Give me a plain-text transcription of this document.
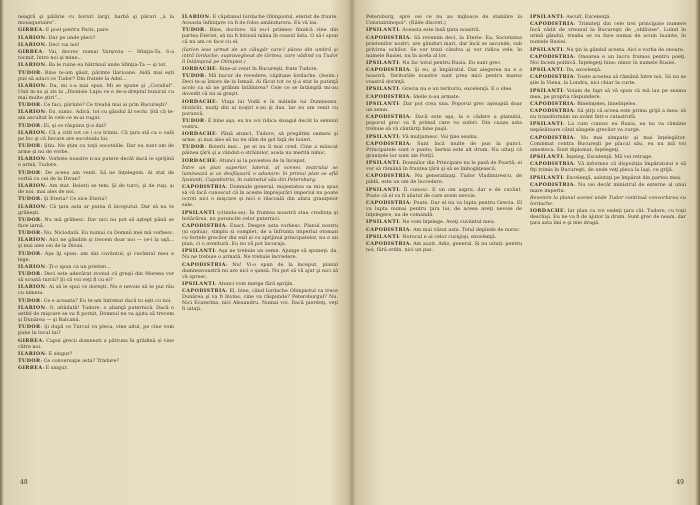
neagră şi pălărie cu boruri largi, barbă şi păruri „à la mousquetaire”.

GIRBEA: E post pentru Paris, pare.

ILARION: Dar pe unde pleci?

ILARION: Deci vai noi!

GIRBEA: Vai, decrec numai Varşovia — Sfinţia-Ta. S-a tocmit, între noi şi mine...

ILARION: Ba le ruine ea bătrânul unde Sfinţia-Ta — şi tot.

TUDOR: Bine te-am găsit, părinte Ilarioane. Aidă mai eşti pus să aduci ce Tudor? Din fratele la Adel...

ILARION: Da, mi s-a mai spus. Mi se spune şi „Coraliul". Unii m-au şi zis la „Dionisie Lupu ce e de-a-dreptul bunicul cu mai multe ştiri”...

TUDOR: Ce faci, părinte? Ce treabă mai ai prin Bucureşti?

ILARION: Eu, nimic. Adică, tot cu gândul ăl vechi. Ştii că te-am ascultat în cele ce m-ai rugat.

TUDOR: Ei, şi ce răspuns ţi-a dat?

ILARION: Că a citit tot ce i s-a trimis. Că ţara stă ca o oală pe foc şi că fiecare are socoteala lui.

TUDOR: Ştiu. Ne ştim cu toţii socotelile. Dar eu sunt om de arme şi nu de vorbe.

ILARION: Vorbele noastre n-au putere decât dacă le sprijină o armă, Tudore.

TUDOR: De aceea am venit. Să ne înţelegem. Ai stat de vorbă cu cei de la Divan?

ILARION: Am stat. Boierii se tem. Şi de turci, şi de ruşi, şi de noi, mai ales de noi.

TUDOR: Şi Eteria? Ce zice Eteria?

ILARION: Că ţara asta ar putea fi începutul. Dar să nu te grăbeşti.

TUDOR: Nu mă grăbesc. Dar nici nu pot să aştept până se face iarnă.

TUDOR: Nu. Niciodată. Eu numai cu Domnii mei mă vorbesc.

ILARION: Aici ne gândim și trecem doar noi — ce-i la uşă... şi mai ales cei de la Divan.

TUDOR: Aşa îţi spun: am dat cuvântul; şi cuvântul meu e lege.

ILARION: Ţi-o spun ca un prieten...

TUDOR: Deci este adevărat zvonul că greşii din Moreea vor să scoată turcii? Şi că voi veţi fi cu ei?

ILARION: Ai să le spui ce doreşti. Nu e nevoie să te pui rău cu nimeni.

TUDOR: Ce e aceasta? Eu te-am întrebat dacă tu eşti cu noi.

ILARION: O, altădată! Tudore, o alianţă puternică. Dacă o astfel de mişcare se va fi pornit, Domnul ne va ajuta să trecem şi Dunărea — şi Balcanii.

TUDOR: Şi după ce Turcul va pleca, vine altul, pe cine vom pune în locul lui?

GIRBEA: Capul grecii domnești a pătruns în grădină și vine către noi.

ILARION: E singur?

TUDOR: Ce conversaţie asta? Trădare?

GIRBEA: E singur.

ILARION: E căpitanul Iordache Olimpiotul, eterist de frunte. Aceasta înfiinţare va fi de folos amândurora. Eu vă las.

TUDOR: Bine, doctore. Să nu-l primesc fiindcă vine din partea Eteriei, să nu fi întinsă mâna în ceasul ăsta. O să-i spun că nu am ce face cu el.

(Iarion iese urmat de un călugăr care-l păzea din umbră şi intră Iordache, supravegheat de Girbea, care vădind cu Tudor îl întâmpină pe Olimpiot.)

IORDACHE: Bine-ai venit în Bucureşti, frate Tudore.

TUDOR: Mă bucur de revedere, căpitane Iordache. (Iesim.) Deci te-ai întors de la Ismail. Ai făcut tot ce ţi-a stat în putinţă acolo ca să ne grăbim întâlnirea? Cele ce se întâmplă mi-au dovedit că nu ai greşit.

IORDACHE: Vlaţa lui Vodă e în mâinile lui Dumnezeu. Hotărât, mulţi din ai noştri s-au şi dus. Iar eu am venit cu poruncă.

TUDOR: E bine aşa, eu nu voi ridica steagul decât la semnul vostru.

IORDACHE: Până atunci, Tudore, să pregătim oameni şi arme, şi mai ales să nu ne dăm de gol faţă de boieri.

TUDOR: Boierii mei... pe ei nu îi mai cred. Cine a mâncat pâinea ţării şi a vândut-o străinilor, acela nu merită nimic.

IORDACHE: Atunci ai la povestea de la început.

Între un plan superior, lateral, al scenei, teatrului se luminează și se desfășoară o adunare: în primul plan se află Ipsilanti, Capodistria, în cabinetul său din Petersburg.

CAPODISTRIA: Domnule general, majestatea sa mi-a spus să vă facă cunoscut că în aceste împrejurări imperiul nu poate ocroti nici o mişcare şi nici o răscoală din afara graniţelor sale.

IPSILANTI (citindu-se): În fruntea noastră stau credinţa şi hotărârea, nu poruncile celor puternici.

CAPODISTRIA: Exact. Despre asta vorbesc. Planul nostru (și opinia), simplu și complet, de a înfrunta imperiul otoman cu forțele grecilor din exil și cu sprijinul principatelor, nu e un plan, ci o aventură. Eu nu vă pot încuraja.

IPSILANTI: Aşa ne trebuie un semn. Ajunge să spuneţi: da. Nu ne trebuie o armată. Ne trebuie încredere.

CAPODISTRIA: Nu! Vi-o spun de la început, planul dumneavoastră nu are nici o şansă. Nu pot să vă ajut şi nici să vă opresc.

IPSILANTI: Atunci vom merge fără sprijin.

CAPODISTRIA: El, bine, când Iordache Olimpiotul va trece Dunărea şi va fi învins, cine va răspunde? Petersburgul? Nu. Nici Ecaterina, nici Alexandru. Numai voi. Dacă pierdeţi, veţi fi uitaţi.

48

Petersburg, spre cei ce nu au mijloace de stabilire la Constantinopol". (Râde discret.)

IPSILANTI: Aceasta este însă ţinta noastră.

CAPODISTRIA: Să revenim deci, la Eterie. Ea, Societatea prietenilor noștri, are gânduri mari, dar încă se ascunde, sub privirea ochilor. Se vor trezi cândva şi vor ridica vele, în numele Rusiei, nu în acela al lor.

IPSILANTI: Nu fac totul pentru Rusia. Eu sunt grec.

CAPODISTRIA: Şi eu, şi împăratul. Dar alegerea nu e a noastră. Teritoriile noastre sunt prea mici pentru marea voastră dorinţă.

IPSILANTI: Grecia nu e un teritoriu, excelenţă. E o idee.

CAPODISTRIA: Ideile n-au armate.

IPSILANTI: Dar pot crea una. Poporul grec aşteaptă doar un semn.

CAPODISTRIA: Dacă este aşa, la o cădere a planului, poporul grec va fi primul care va suferi. Din cauza asta trebuie să vă cântăriţi bine paşii.

IPSILANTI: Vă mulţumesc. Voi ţine seama.

CAPODISTRIA: Sunt încă multe de pus la punct. Principatele sunt o punte; Serbia este alt drum. Nu uitaţi că graniţele lor sunt ale Porţii.

IPSILANTI: Domnilor din Principate nu le pasă de Poartă; ei vor să rămână în fruntea ţării şi să se îmbogăţească.

CAPODISTRIA: Nu generalizaţi. Tudor Vladimirescu, de pildă, este un om de încredere.

IPSILANTI: Îl cunosc. E un om aspru, dar e de cuvânt. Poate că el va fi aliatul de care avem nevoie.

CAPODISTRIA: Poate. Dar el nu va lupta pentru Grecia. El va lupta numai pentru ţara lui, de aceea aveţi nevoie de înţelegere, nu de comandă.

IPSILANTI: Ne vom înţelege. Aveţi cuvântul meu.

CAPODISTRIA: Am mai văzut asta. Totul depinde de noroc.

IPSILANTI: Norocul e al celor curajoşi, excelenţă.

CAPODISTRIA: Am auzit. Adio, general. Și nu uitați: pentru noi, fără ordin, nici un pas.

IPSILANTI: Ascult, Excelenţă.

CAPODISTRIA: Trimiteţi din cele trei principate numere încă vădit de vreunul la Bucureşti de „oblăvise". Luînd în urmă gândul, treaba se va face numai de acum înainte, în numele Rusiei.

IPSILANTI: Nu ţin la gândul acesta. Aici e vorba de onoare.

CAPODISTRIA: Onoarea e un lucru frumos pentru poeţi. Noi facem politică. Înţelegeţi bine: nimic în numele Rusiei.

IPSILANTI: Da, excelenţă.

CAPODISTRIA: Toate acestea să rămână între noi. Să nu se ştie la Viena, la Londra, nici chiar la curte.

IPSILANTI: Voiam de fapt să vă spun că mă iau pe seama mea, pe propria răspundere.

CAPODISTRIA: Bineînţeles, bineînţeles.

CAPODISTRIA: Să ştiţi că aceea este prima grijă a mea: să nu transformăm un avânt într-o catastrofă.

IPSILANTI: La cum cunosc eu Rusia, ea nu va rămâne nepăsătoare când sângele grecilor va curge.

CAPODISTRIA: Nu mai simpatic şi mai înţelegător. Combinat contra Bucureşti pe placul său, eu nu mă voi amesteca. Sunt diplomat, înţelegeţi.

IPSILANTI: Înţeleg, Excelenţă. Mă voi retrage.

CAPODISTRIA: Vă informez că dispoziţia împăratului e să fiţi trimis în Bucureşti, de unde veţi pleca la Iaşi, cu grijă.

IPSILANTI: Excelenţă, salutaţi pe împărat din partea mea.

CAPODISTRIA: Nu vei decât ministrul de externe al unui mare imperiu.

Revenim la planul scenei unde Tudor continuă convorbirea cu Iordache.

IORDACHE: Iar plan cu voi vedeţi ţara căt. Tudore, cu toţii deschişi. Eu ne va fi de ajutor la drum. Sunt grec de neam, dar ţara asta îmi e şi mie dragă.

49
